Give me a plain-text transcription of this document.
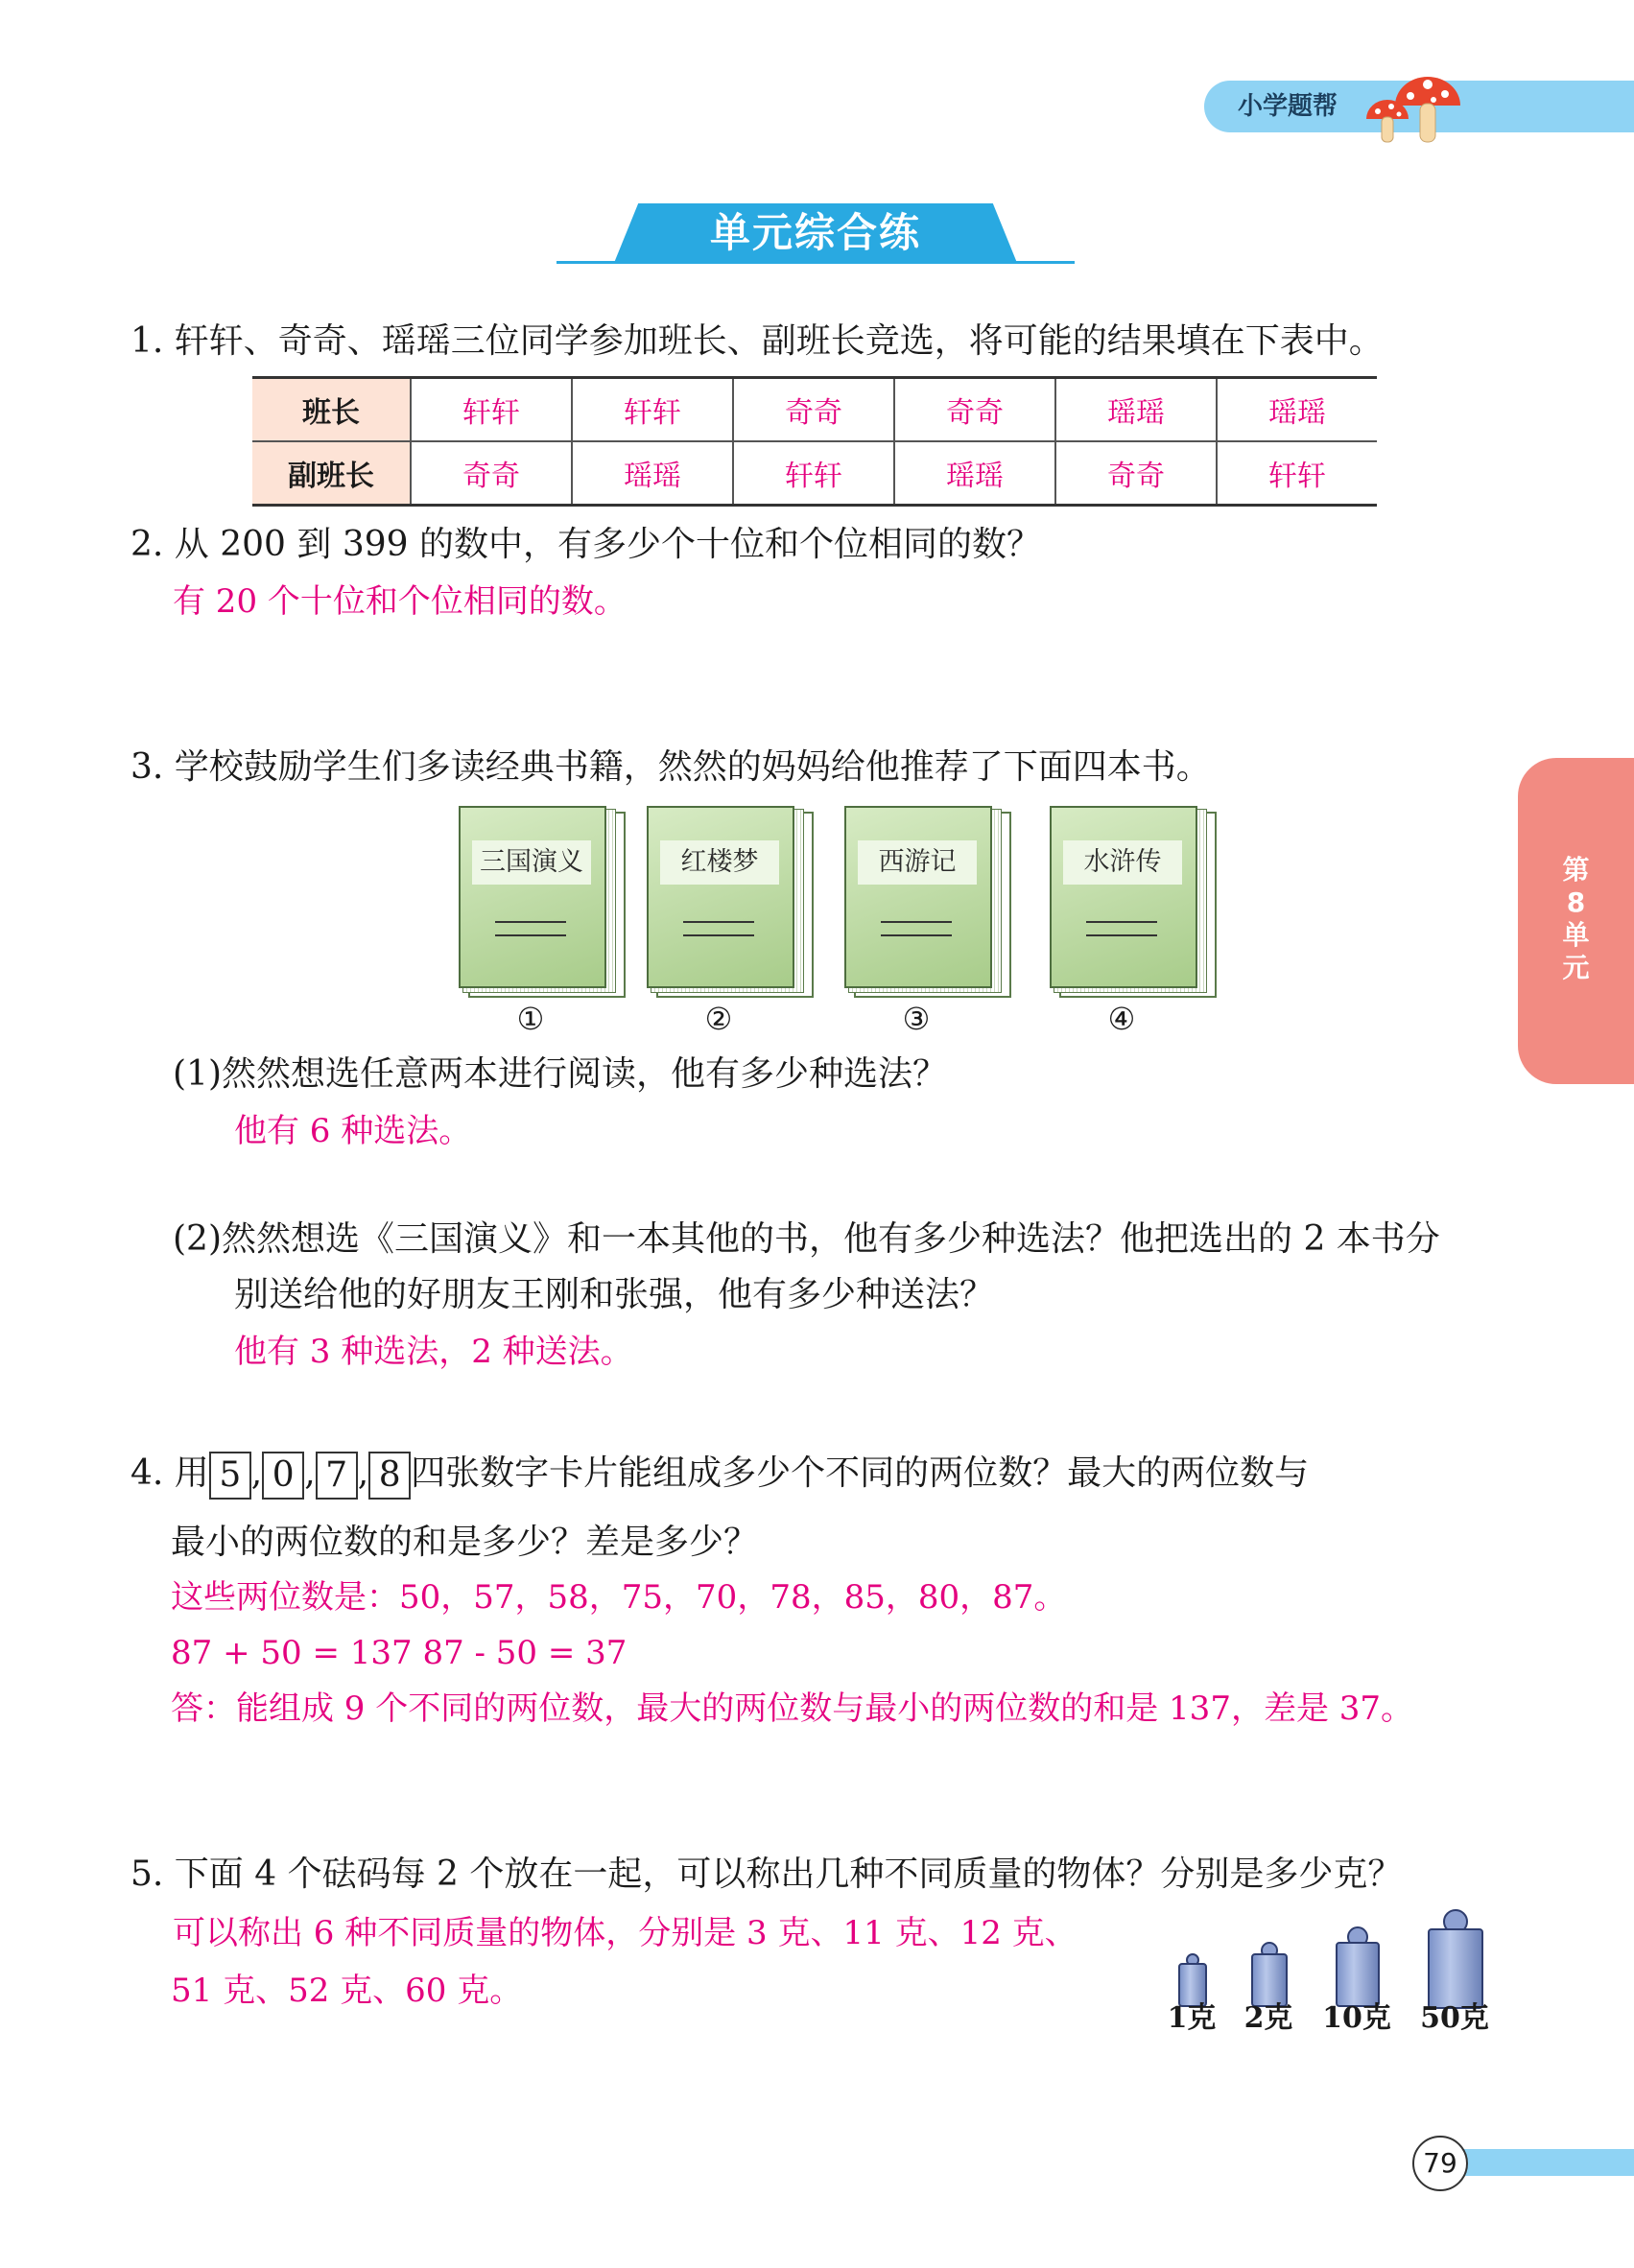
小学题帮
单元综合练
第
8
单
元
1. 轩轩、奇奇、瑶瑶三位同学参加班长、副班长竞选，将可能的结果填在下表中。
班长	轩轩	轩轩	奇奇	奇奇	瑶瑶	瑶瑶
副班长	奇奇	瑶瑶	轩轩	瑶瑶	奇奇	轩轩
2. 从 200 到 399 的数中，有多少个十位和个位相同的数？
有 20 个十位和个位相同的数。
3. 学校鼓励学生们多读经典书籍，然然的妈妈给他推荐了下面四本书。
三国演义
①
红楼梦
②
西游记
③
水浒传
④
(1)然然想选任意两本进行阅读，他有多少种选法？
他有 6 种选法。
(2)然然想选《三国演义》和一本其他的书，他有多少种选法？他把选出的 2 本书分
别送给他的好朋友王刚和张强，他有多少种送法？
他有 3 种选法，2 种送法。
4. 用 5 , 0 , 7 , 8 四张数字卡片能组成多少个不同的两位数？最大的两位数与
最小的两位数的和是多少？差是多少？
这些两位数是：50，57，58，75，70，78，85，80，87。
87 + 50 = 137 87 - 50 = 37
答：能组成 9 个不同的两位数，最大的两位数与最小的两位数的和是 137，差是 37。
5. 下面 4 个砝码每 2 个放在一起，可以称出几种不同质量的物体？分别是多少克？
可以称出 6 种不同质量的物体，分别是 3 克、11 克、12 克、
51 克、52 克、60 克。
1克 2克 10克 50克
79
